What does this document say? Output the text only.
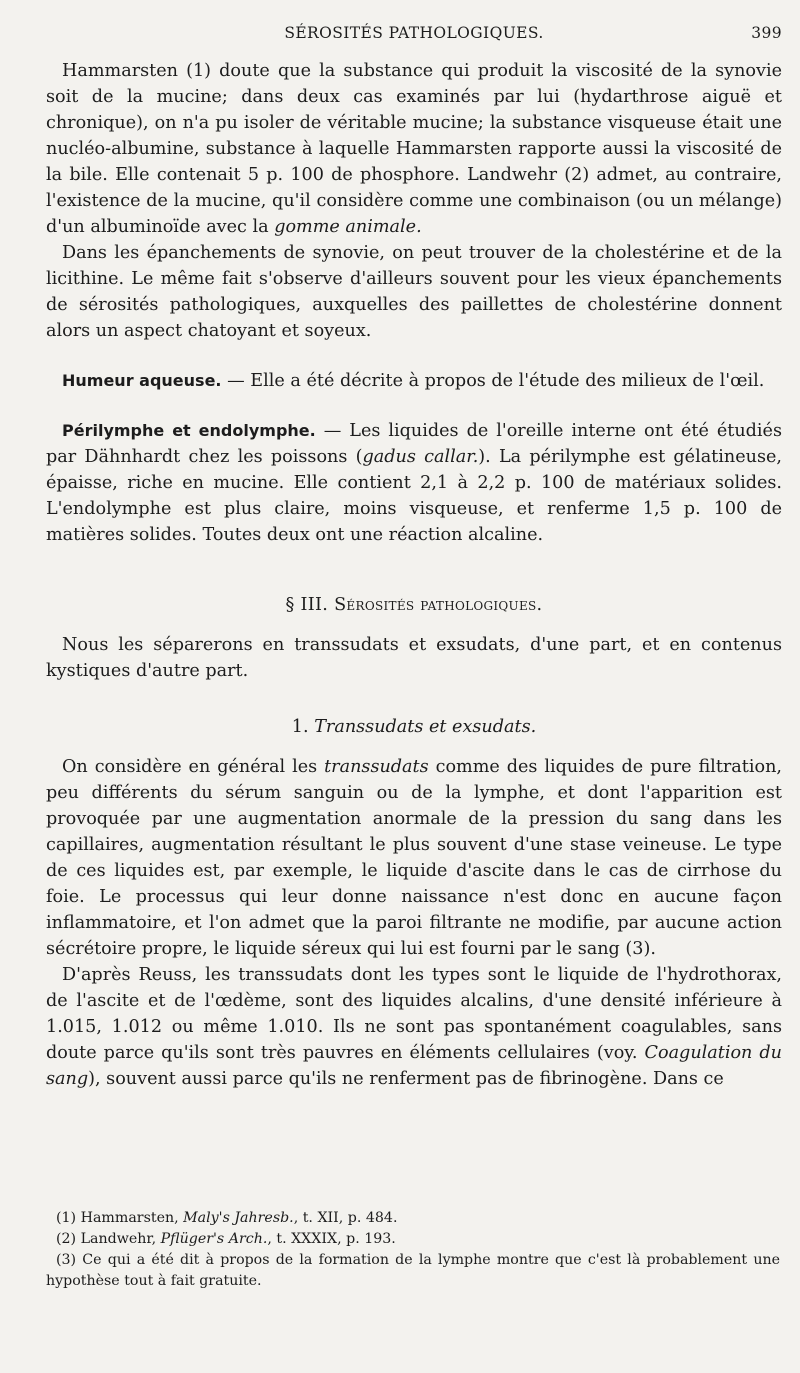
SÉROSITÉS PATHOLOGIQUES.	399

Hammarsten (1) doute que la substance qui produit la viscosité de la synovie soit de la mucine; dans deux cas examinés par lui (hydarthrose aiguë et chronique), on n'a pu isoler de véritable mucine; la substance visqueuse était une nucléo-albumine, substance à laquelle Hammarsten rapporte aussi la viscosité de la bile. Elle contenait 5 p. 100 de phosphore. Landwehr (2) admet, au contraire, l'existence de la mucine, qu'il considère comme une combinaison (ou un mélange) d'un albuminoïde avec la gomme animale.

Dans les épanchements de synovie, on peut trouver de la cholestérine et de la licithine. Le même fait s'observe d'ailleurs souvent pour les vieux épanchements de sérosités pathologiques, auxquelles des paillettes de cholestérine donnent alors un aspect chatoyant et soyeux.

Humeur aqueuse. — Elle a été décrite à propos de l'étude des milieux de l'œil.

Périlymphe et endolymphe. — Les liquides de l'oreille interne ont été étudiés par Dähnhardt chez les poissons (gadus callar.). La périlymphe est gélatineuse, épaisse, riche en mucine. Elle contient 2,1 à 2,2 p. 100 de matériaux solides. L'endolymphe est plus claire, moins visqueuse, et renferme 1,5 p. 100 de matières solides. Toutes deux ont une réaction alcaline.

§ III. Sérosités pathologiques.

Nous les séparerons en transsudats et exsudats, d'une part, et en contenus kystiques d'autre part.

1. Transsudats et exsudats.

On considère en général les transsudats comme des liquides de pure filtration, peu différents du sérum sanguin ou de la lymphe, et dont l'apparition est provoquée par une augmentation anormale de la pression du sang dans les capillaires, augmentation résultant le plus souvent d'une stase veineuse. Le type de ces liquides est, par exemple, le liquide d'ascite dans le cas de cirrhose du foie. Le processus qui leur donne naissance n'est donc en aucune façon inflammatoire, et l'on admet que la paroi filtrante ne modifie, par aucune action sécrétoire propre, le liquide séreux qui lui est fourni par le sang (3).

D'après Reuss, les transsudats dont les types sont le liquide de l'hydrothorax, de l'ascite et de l'œdème, sont des liquides alcalins, d'une densité inférieure à 1.015, 1.012 ou même 1.010. Ils ne sont pas spontanément coagulables, sans doute parce qu'ils sont très pauvres en éléments cellulaires (voy. Coagulation du sang), souvent aussi parce qu'ils ne renferment pas de fibrinogène. Dans ce

(1) Hammarsten, Maly's Jahresb., t. XII, p. 484.

(2) Landwehr, Pflüger's Arch., t. XXXIX, p. 193.

(3) Ce qui a été dit à propos de la formation de la lymphe montre que c'est là probablement une hypothèse tout à fait gratuite.
